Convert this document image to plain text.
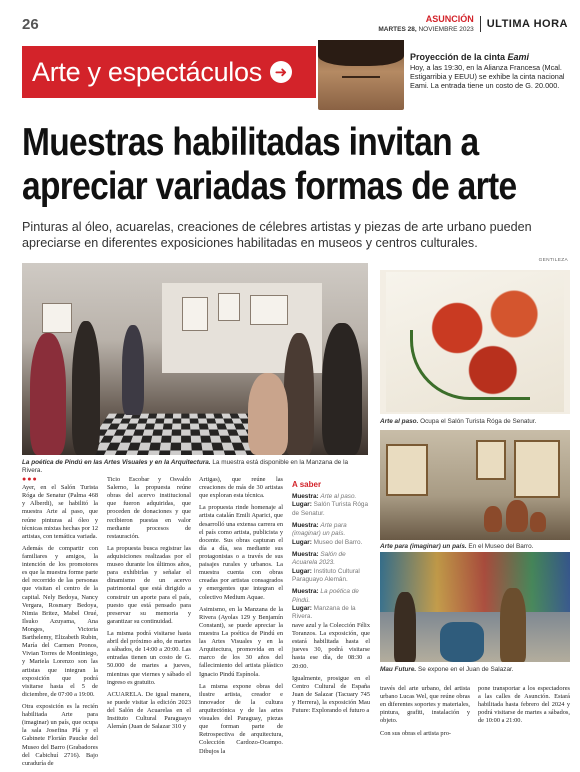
26	ASUNCIÓN
MARTES 28, NOVIEMBRE 2023 ULTIMA HORA
Arte y espectáculos ➜
Proyección de la cinta Eami
Hoy, a las 19:30, en la Alianza Francesa (Mcal. Estigarribia y EEUU) se exhibe la cinta nacional Eami. La entrada tiene un costo de G. 20.000.
Muestras habilitadas invitan a
apreciar variadas formas de arte
Pinturas al óleo, acuarelas, creaciones de célebres artistas y piezas de arte urbano pueden apreciarse en diferentes exposiciones habilitadas en museos y centros culturales.
GENTILEZA
La poética de Pindú en las Artes Visuales y en la Arquitectura. La muestra está disponible en la Manzana de la Rivera.
Arte al paso. Ocupa el Salón Turista Róga de Senatur.
Arte para (imaginar) un país. En el Museo del Barro.
Mau Future. Se expone en el Juan de Salazar.

●●●
Ayer, en el Salón Turista Róga de Senatur (Palma 468 y Alberdi), se habilitó la muestra Arte al paso, que reúne pinturas al óleo y técnicas mixtas hechas por 12 artistas, con temática variada.

Además de compartir con familiares y amigos, la intención de los promotores es que la muestra forme parte del recorrido de las personas que visitan el centro de la capital. Nely Bedoya, Nancy Vergara, Rosmary Bedoya, Nimia Britez, Mabel Orué, Ilsuko Azuyama, Ana Monges, Victoria Barthelemy, Elizabeth Rubin, María del Carmen Pronos, Vivian Torres de Montiniego, y Mariela Lorenzo son las artistas que integran la exposición que podrá visitarse hasta el 5 de diciembre, de 07:00 a 19:00.

Otra exposición es la recién habilitada Arte para (imaginar) un país, que ocupa la sala Josefina Plá y el Gabinete Florián Paucke del Museo del Barro (Grabadores del Cabichuí 2716). Bajo curaduría de

Ticio Escobar y Osvaldo Salerno, la propuesta reúne obras del acervo institucional que fueron adquiridas, que proceden de donaciones y que recibieron puestas en valor mediante procesos de restauración.

La propuesta busca registrar las adquisiciones realizadas por el museo durante los últimos años, para exhibirlas y señalar el dinamismo de un acervo patrimonial que está dirigido a construir un aporte para el país, puesto que está pensado para preservar su memoria y garantizar su continuidad.

La misma podrá visitarse hasta abril del próximo año, de martes a sábados, de 14:00 a 20:00. Las entradas tienen un costo de G. 50.000 de martes a jueves, mientras que viernes y sábado el ingreso es gratuito.

ACUARELA. De igual manera, se puede visitar la edición 2023 del Salón de Acuarelas en el Instituto Cultural Paraguayo Alemán (Juan de Salazar 310 y

Artigas), que reúne las creaciones de más de 30 artistas que exploran esta técnica.

La propuesta rinde homenaje al artista catalán Emili Aparici, que desarrolló una extensa carrera en el país como artista, publicista y docente. Sus obras capturan el día a día, sea mediante sus protagonistas o a través de sus paisajes rurales y urbanos. La muestra cuenta con obras creadas por artistas consagrados y emergentes que integran el colectivo Medium Aquae.

Asimismo, en la Manzana de la Rivera (Ayolas 129 y Benjamín Constant), se puede apreciar la muestra La poética de Pindú en las Artes Visuales y en la Arquitectura, promovida en el marco de los 30 años del fallecimiento del artista plástico Ignacio Pindú Espínola.

La misma expone obras del ilustre artista, creador e innovador de la cultura arquitectónica y de las artes visuales del Paraguay, piezas que forman parte de Retrospectiva de arquitectura, Colección Cardozo-Ocampo. Dibujos la

A saber
Muestra: Arte al paso.
Lugar: Salón Turista Róga de Senatur.
Muestra: Arte para (imaginar) un país.
Lugar: Museo del Barro.
Muestra: Salón de Acuarela 2023.
Lugar: Instituto Cultural Paraguayo Alemán.
Muestra: La poética de Pindú.
Lugar: Manzana de la Rivera.

nave azul y la Colección Félix Toranzos. La exposición, que estará habilitada hasta el jueves 30, podrá visitarse hasta ese día, de 08:30 a 20:00.

Igualmente, prosigue en el Centro Cultural de España Juan de Salazar (Tacuary 745 y Herrera), la exposición Mau Future: Explorando el futuro a

través del arte urbano, del artista urbano Lucas Wel, que reúne obras en diferentes soportes y materiales, pintura, grafiti, instalación y objeto.

Con sus obras el artista pro-

pone transportar a los espectadores a las calles de Asunción. Estará habilitada hasta febrero del 2024 y podrá visitarse de martes a sábados, de 10:00 a 21:00.
